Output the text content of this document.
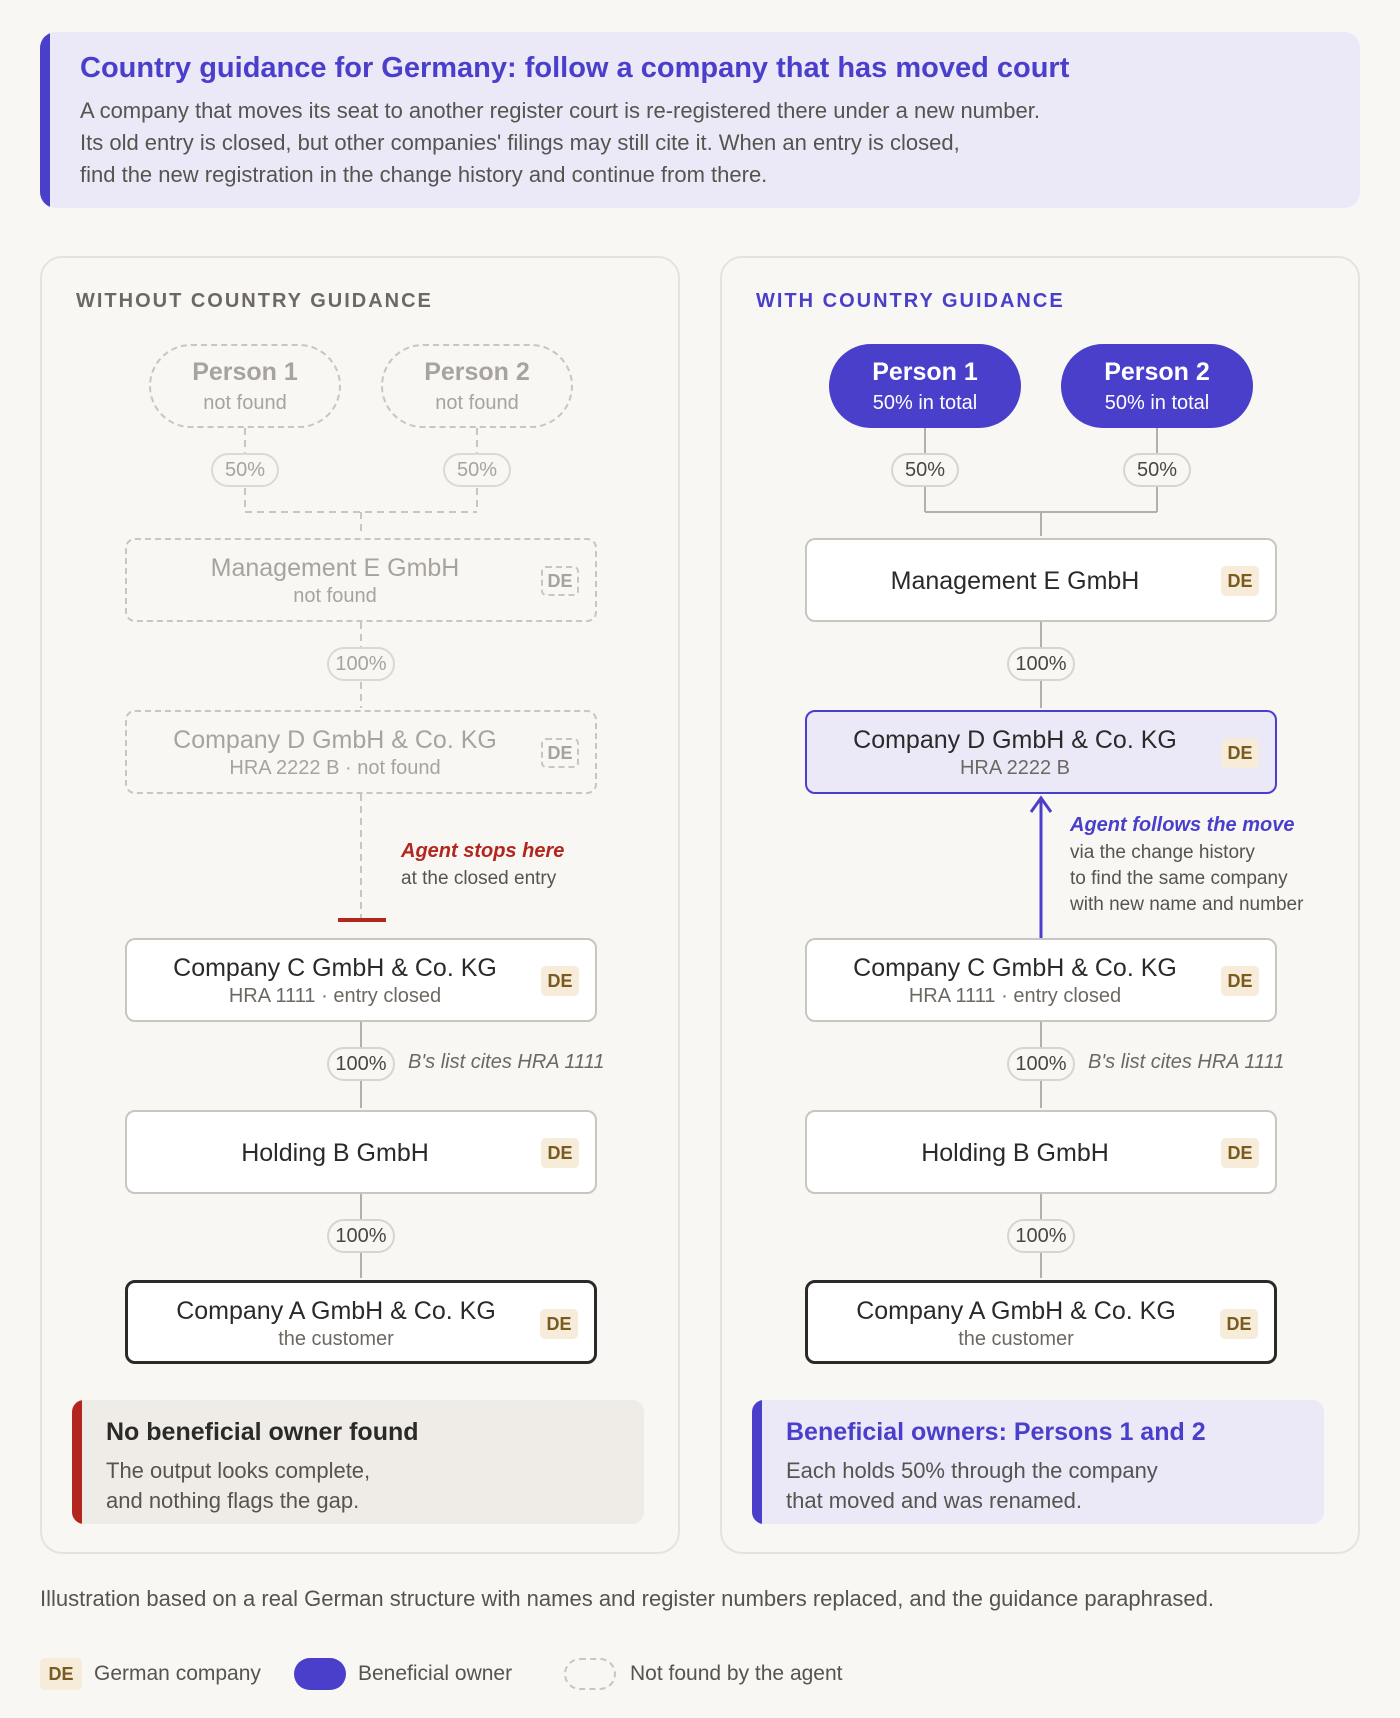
Country guidance for Germany: follow a company that has moved court
A company that moves its seat to another register court is re-registered there under a new number.
Its old entry is closed, but other companies' filings may still cite it. When an entry is closed,
find the new registration in the change history and continue from there.
WITHOUT COUNTRY GUIDANCE
Person 1
not found
Person 2
not found
50%	50%
Management E GmbH
not found
DE
100%
Company D GmbH & Co. KG
HRA 2222 B · not found
DE
Agent stops here
at the closed entry
Company C GmbH & Co. KG
HRA 1111 · entry closed
DE
100%	B's list cites HRA 1111
Holding B GmbH	DE
100%
Company A GmbH & Co. KG
the customer
DE
No beneficial owner found
The output looks complete,
and nothing flags the gap.
WITH COUNTRY GUIDANCE
Person 1
50% in total
Person 2
50% in total
50%	50%
Management E GmbH	DE
100%
Company D GmbH & Co. KG
HRA 2222 B
DE
Agent follows the move
via the change history
to find the same company
with new name and number
Company C GmbH & Co. KG
HRA 1111 · entry closed
DE
100%	B's list cites HRA 1111
Holding B GmbH	DE
100%
Company A GmbH & Co. KG
the customer
DE
Beneficial owners: Persons 1 and 2
Each holds 50% through the company
that moved and was renamed.
Illustration based on a real German structure with names and register numbers replaced, and the guidance paraphrased.
DE German company	Beneficial owner	Not found by the agent
